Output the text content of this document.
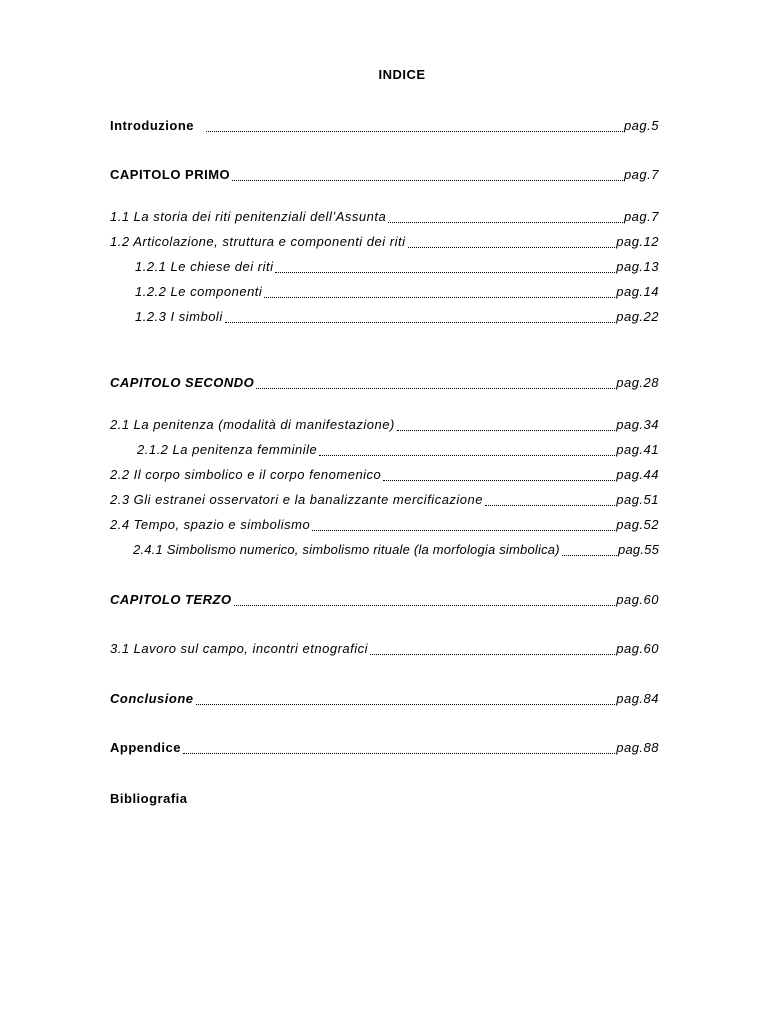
INDICE
Introduzione	pag.5
CAPITOLO PRIMO	pag.7
1.1 La storia dei riti penitenziali dell’Assunta	pag.7
1.2 Articolazione, struttura e componenti dei riti	pag.12
1.2.1 Le chiese dei riti	pag.13
1.2.2 Le componenti	pag.14
1.2.3 I simboli	pag.22
CAPITOLO SECONDO	pag.28
2.1 La penitenza (modalità di manifestazione)	pag.34
2.1.2 La penitenza femminile	pag.41
2.2 Il corpo simbolico e il corpo fenomenico	pag.44
2.3 Gli estranei osservatori e la banalizzante mercificazione	pag.51
2.4 Tempo, spazio e simbolismo	pag.52
2.4.1 Simbolismo numerico, simbolismo rituale (la morfologia simbolica)	pag.55
CAPITOLO TERZO	pag.60
3.1 Lavoro sul campo, incontri etnografici	pag.60
Conclusione	pag.84
Appendice	pag.88
Bibliografia
